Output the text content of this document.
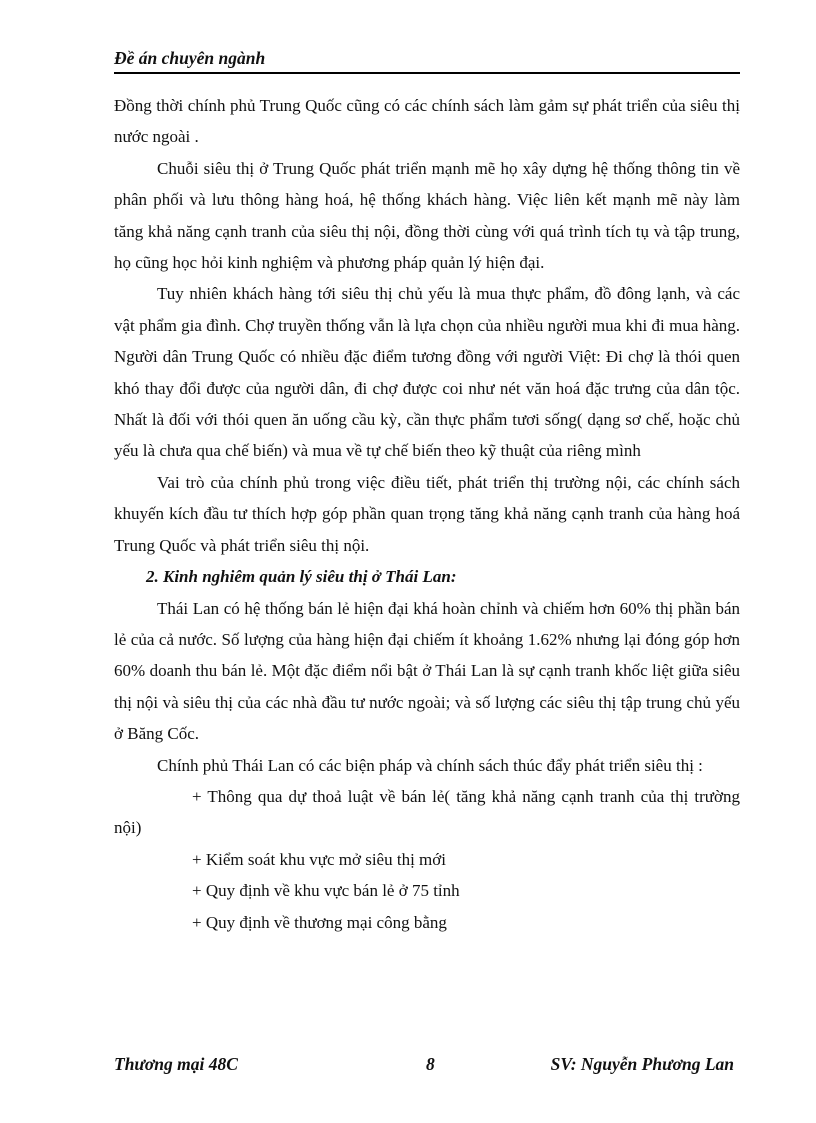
Đề án chuyên ngành

Đồng thời chính phủ Trung Quốc cũng có các chính sách làm gảm sự phát triển của siêu thị nước ngoài .

Chuỗi siêu thị ở Trung Quốc phát triển mạnh mẽ họ xây dựng hệ thống thông tin về phân phối và lưu thông hàng hoá, hệ thống khách hàng. Việc liên kết mạnh mẽ này làm tăng khả năng cạnh tranh của siêu thị nội, đồng thời cùng với quá trình tích tụ và tập trung, họ cũng học hỏi kinh nghiệm và phương pháp quản lý hiện đại.

Tuy nhiên khách hàng tới siêu thị chủ yếu là mua thực phẩm, đồ đông lạnh, và các vật phẩm gia đình. Chợ truyền thống vẫn là lựa chọn của nhiều người mua khi đi mua hàng. Người dân Trung Quốc có nhiều đặc điểm tương đồng với người Việt: Đi chợ là thói quen khó thay đổi được của người dân, đi chợ được coi như nét văn hoá đặc trưng của dân tộc. Nhất là đối với thói quen ăn uống cầu kỳ, cần thực phẩm tươi sống( dạng sơ chế, hoặc chủ yếu là chưa qua chế biến) và mua về tự chế biến theo kỹ thuật của riêng mình

Vai trò của chính phủ trong việc điều tiết, phát triển thị trường nội, các chính sách khuyến kích đầu tư thích hợp góp phần quan trọng tăng khả năng cạnh tranh của hàng hoá Trung Quốc và phát triển siêu thị nội.

2. Kinh nghiêm quản lý siêu thị ở Thái Lan:

Thái Lan có hệ thống bán lẻ hiện đại khá hoàn chỉnh và chiếm hơn 60% thị phần bán lẻ của cả nước. Số lượng của hàng hiện đại chiếm ít khoảng 1.62% nhưng lại đóng góp hơn 60% doanh thu bán lẻ. Một đặc điểm nổi bật ở Thái Lan là sự cạnh tranh khốc liệt giữa siêu thị nội và siêu thị của các nhà đầu tư nước ngoài; và số lượng các siêu thị tập trung chủ yếu ở Băng Cốc.

Chính phủ Thái Lan có các biện pháp và chính sách thúc đẩy phát triển siêu thị :

+ Thông qua dự thoả luật về bán lẻ( tăng khả năng cạnh tranh của thị trường nội)

+ Kiểm soát khu vực mở siêu thị mới

+ Quy định về khu vực bán lẻ ở 75 tỉnh

+ Quy định về thương mại công bằng

Thương mại 48C	8	SV: Nguyễn Phương Lan
